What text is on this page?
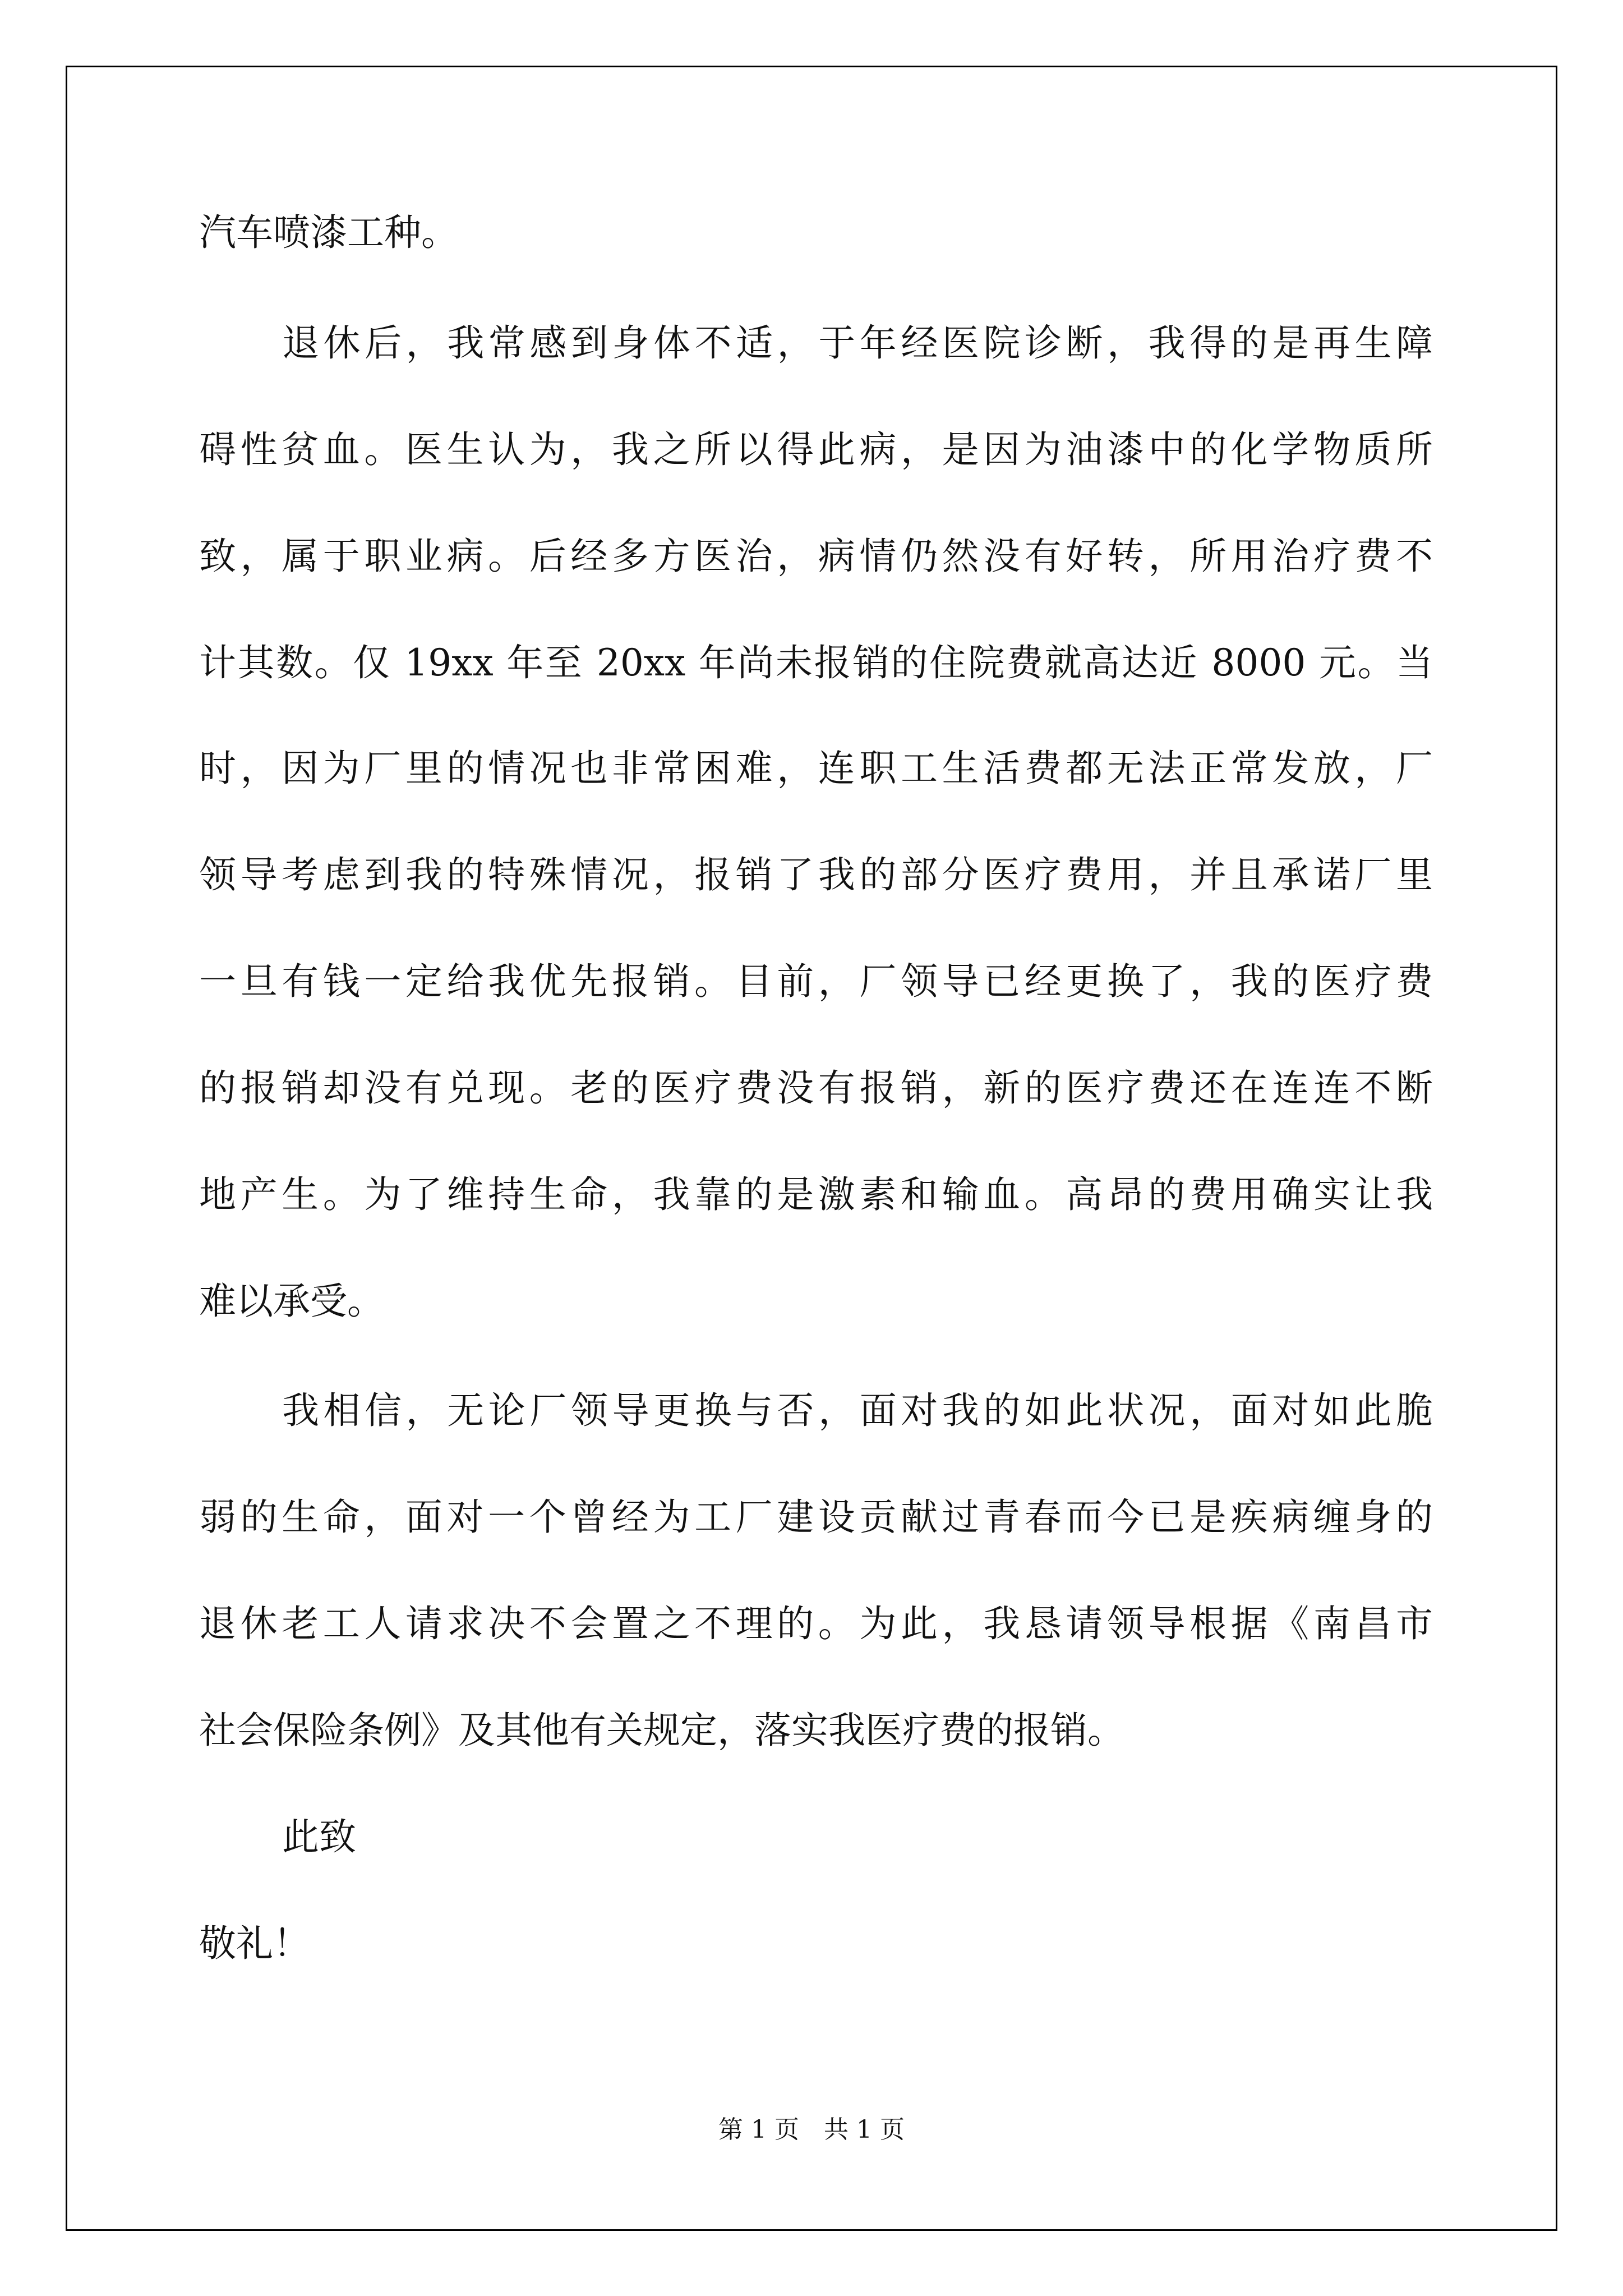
汽车喷漆工种。

退休后，我常感到身体不适，于年经医院诊断，我得的是再生障

碍性贫血。医生认为，我之所以得此病，是因为油漆中的化学物质所

致，属于职业病。后经多方医治，病情仍然没有好转，所用治疗费不

计其数。仅 19xx 年至 20xx 年尚未报销的住院费就高达近 8000 元。当

时，因为厂里的情况也非常困难，连职工生活费都无法正常发放，厂

领导考虑到我的特殊情况，报销了我的部分医疗费用，并且承诺厂里

一旦有钱一定给我优先报销。目前，厂领导已经更换了，我的医疗费

的报销却没有兑现。老的医疗费没有报销，新的医疗费还在连连不断

地产生。为了维持生命，我靠的是激素和输血。高昂的费用确实让我

难以承受。

我相信，无论厂领导更换与否，面对我的如此状况，面对如此脆

弱的生命，面对一个曾经为工厂建设贡献过青春而今已是疾病缠身的

退休老工人请求决不会置之不理的。为此，我恳请领导根据《南昌市

社会保险条例》及其他有关规定，落实我医疗费的报销。

此致

敬礼！

第 1 页　共 1 页
